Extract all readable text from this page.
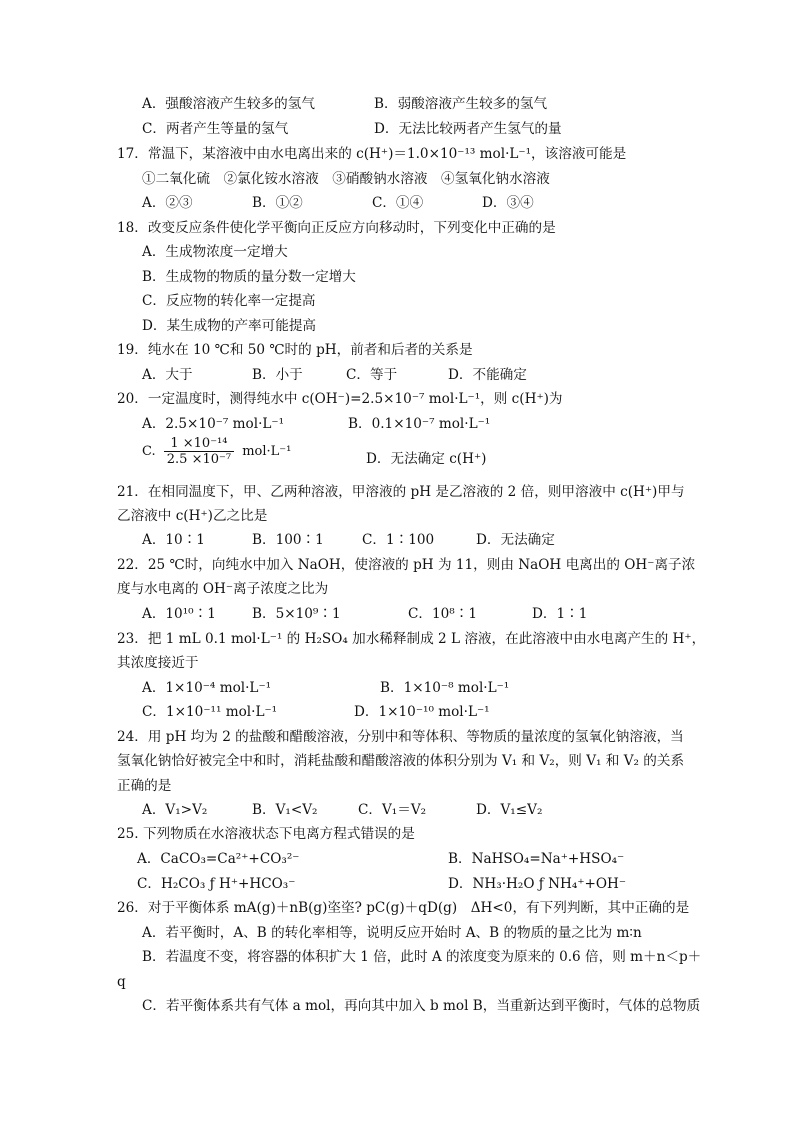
A．强酸溶液产生较多的氢气	B．弱酸溶液产生较多的氢气
C．两者产生等量的氢气	D．无法比较两者产生氢气的量
17．常温下，某溶液中由水电离出来的 c(H⁺)＝1.0×10⁻¹³ mol·L⁻¹，该溶液可能是
①二氧化硫　②氯化铵水溶液　③硝酸钠水溶液　④氢氧化钠水溶液
A．②③	B．①②	C．①④	D．③④
18．改变反应条件使化学平衡向正反应方向移动时，下列变化中正确的是
A．生成物浓度一定增大
B．生成物的物质的量分数一定增大
C．反应物的转化率一定提高
D．某生成物的产率可能提高
19．纯水在 10 ℃和 50 ℃时的 pH，前者和后者的关系是
A．大于	B．小于	C．等于	D．不能确定
20．一定温度时，测得纯水中 c(OH⁻)=2.5×10⁻⁷ mol·L⁻¹，则 c(H⁺)为
A．2.5×10⁻⁷ mol·L⁻¹	B．0.1×10⁻⁷ mol·L⁻¹
C. $\frac{\text{1 ×10⁻¹⁴}}{\text{2.5 ×10⁻⁷}} mol\cdot L^{-1}$	D．无法确定 c(H⁺)
21．在相同温度下，甲、乙两种溶液，甲溶液的 pH 是乙溶液的 2 倍，则甲溶液中 c(H⁺)甲与
乙溶液中 c(H⁺)乙之比是
A．10∶1	B．100∶1	C．1∶100	D．无法确定
22．25 ℃时，向纯水中加入 NaOH，使溶液的 pH 为 11，则由 NaOH 电离出的 OH⁻离子浓
度与水电离的 OH⁻离子浓度之比为
A．10¹⁰∶1	B．5×10⁹∶1	C．10⁸∶1	D．1∶1
23．把 1 mL 0.1 mol·L⁻¹ 的 H₂SO₄ 加水稀释制成 2 L 溶液，在此溶液中由水电离产生的 H⁺，
其浓度接近于
A．1×10⁻⁴ mol·L⁻¹	B．1×10⁻⁸ mol·L⁻¹
C．1×10⁻¹¹ mol·L⁻¹	D．1×10⁻¹⁰ mol·L⁻¹
24．用 pH 均为 2 的盐酸和醋酸溶液，分别中和等体积、等物质的量浓度的氢氧化钠溶液，当
氢氧化钠恰好被完全中和时，消耗盐酸和醋酸溶液的体积分别为 V₁ 和 V₂，则 V₁ 和 V₂ 的关系
正确的是
A．V₁>V₂	B．V₁<V₂	C．V₁＝V₂	D．V₁≤V₂
25. 下列物质在水溶液状态下电离方程式错误的是
A．CaCO₃=Ca²⁺+CO₃²⁻	B．NaHSO₄=Na⁺+HSO₄⁻
C．H₂CO₃ ƒ H⁺+HCO₃⁻	D．NH₃·H₂O ƒ NH₄⁺+OH⁻
26．对于平衡体系 mA(g)＋nB(g)垐垐? pC(g)＋qD(g)　ΔH<0，有下列判断，其中正确的是
A．若平衡时，A、B 的转化率相等，说明反应开始时 A、B 的物质的量之比为 m∶n
B．若温度不变，将容器的体积扩大 1 倍，此时 A 的浓度变为原来的 0.6 倍，则 m＋n＜p＋
q
C．若平衡体系共有气体 a mol，再向其中加入 b mol B，当重新达到平衡时，气体的总物质
